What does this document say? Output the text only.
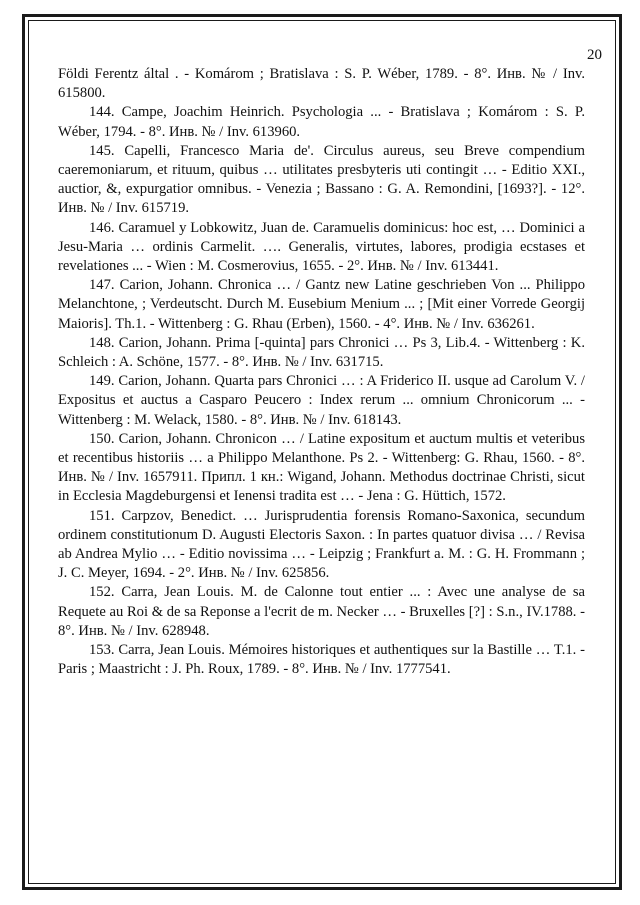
20

Földi Ferentz által . - Komárom ; Bratislava : S. P. Wéber, 1789. - 8°. Инв. № / Inv. 615800.

144. Campe, Joachim Heinrich. Psychologia ... - Bratislava ; Komárom : S. P. Wéber, 1794. - 8°. Инв. № / Inv. 613960.

145. Capelli, Francesco Maria de'. Circulus aureus, seu Breve compendium caeremoniarum, et rituum, quibus … utilitates presbyteris uti contingit … - Editio XXI., auctior, &, expurgatior omnibus. - Venezia ; Bassano : G. A. Remondini, [1693?]. - 12°. Инв. № / Inv. 615719.

146. Caramuel y Lobkowitz, Juan de. Caramuelis dominicus: hoc est, … Dominici a Jesu-Maria … ordinis Carmelit. …. Generalis, virtutes, labores, prodigia ecstases et revelationes ... - Wien : M. Cosmerovius, 1655. - 2°. Инв. № / Inv. 613441.

147. Carion, Johann. Chronica … / Gantz new Latine geschrieben Von ... Philippo Melanchtone, ; Verdeutscht. Durch M. Eusebium Menium ... ; [Mit einer Vorrede Georgij Maioris]. Th.1. - Wittenberg : G. Rhau (Erben), 1560. - 4°. Инв. № / Inv. 636261.

148. Carion, Johann. Prima [-quinta] pars Chronici … Ps 3, Lib.4. - Wittenberg : K. Schleich : A. Schöne, 1577. - 8°. Инв. № / Inv. 631715.

149. Carion, Johann. Quarta pars Chronici … : A Friderico II. usque ad Carolum V. / Expositus et auctus a Casparo Peucero : Index rerum ... omnium Chronicorum ... - Wittenberg : M. Welack, 1580. - 8°. Инв. № / Inv. 618143.

150. Carion, Johann. Chronicon … / Latine expositum et auctum multis et veteribus et recentibus historiis … a Philippo Melanthone. Ps 2. - Wittenberg: G. Rhau, 1560. - 8°. Инв. № / Inv. 1657911. Припл. 1 кн.: Wigand, Johann. Methodus doctrinae Christi, sicut in Ecclesia Magdeburgensi et Ienensi tradita est … - Jena : G. Hüttich, 1572.

151. Carpzov, Benedict. … Jurisprudentia forensis Romano-Saxonica, secundum ordinem constitutionum D. Augusti Electoris Saxon. : In partes quatuor divisa … / Revisa ab Andrea Mylio … - Editio novissima … - Leipzig ; Frankfurt a. M. : G. H. Frommann ; J. C. Meyer, 1694. - 2°. Инв. № / Inv. 625856.

152. Carra, Jean Louis. M. de Calonne tout entier ... : Avec une analyse de sa Requete au Roi & de sa Reponse a l'ecrit de m. Necker … - Bruxelles [?] : S.n., IV.1788. - 8°. Инв. № / Inv. 628948.

153. Carra, Jean Louis. Mémoires historiques et authentiques sur la Bastille … T.1. - Paris ; Maastricht : J. Ph. Roux, 1789. - 8°. Инв. № / Inv. 1777541.
